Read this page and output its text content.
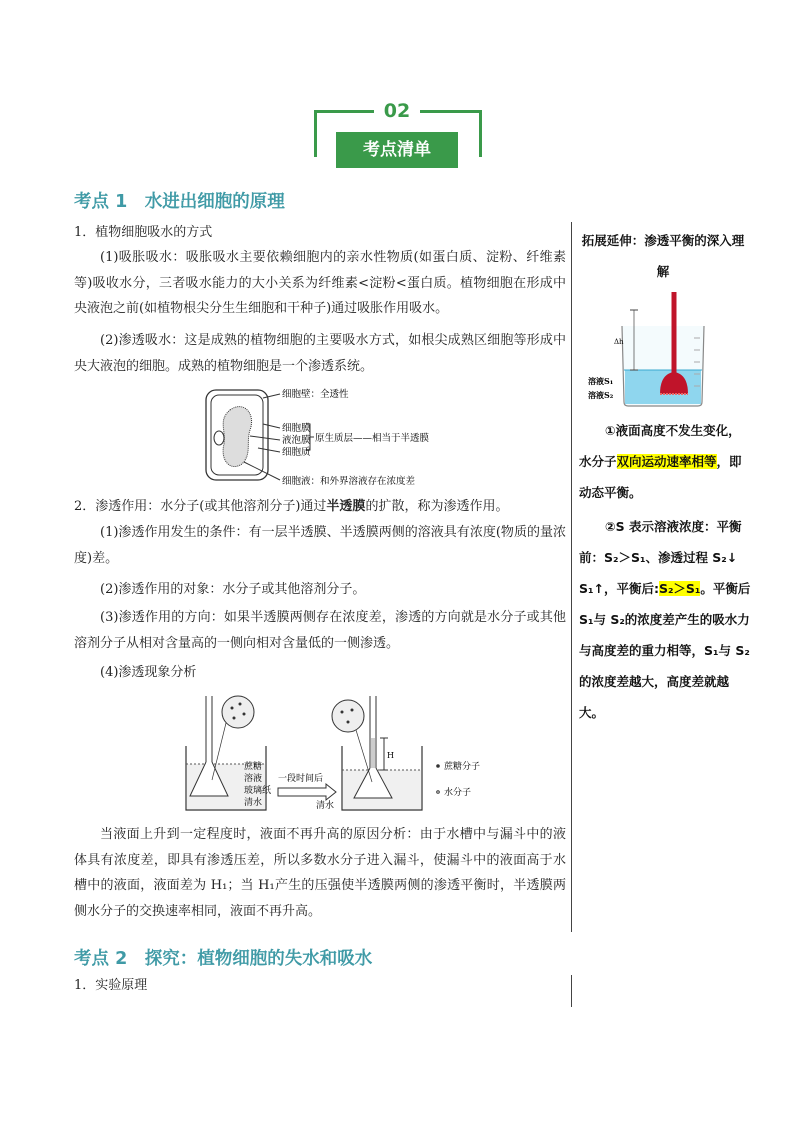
02
考点清单
考点 1　水进出细胞的原理
1．植物细胞吸水的方式
(1)吸胀吸水：吸胀吸水主要依赖细胞内的亲水性物质(如蛋白质、淀粉、纤维素等)吸收水分，三者吸水能力的大小关系为纤维素<淀粉<蛋白质。植物细胞在形成中央液泡之前(如植物根尖分生生细胞和干种子)通过吸胀作用吸水。
(2)渗透吸水：这是成熟的植物细胞的主要吸水方式，如根尖成熟区细胞等形成中央大液泡的细胞。成熟的植物细胞是一个渗透系统。
细胞壁：全透性
细胞膜
液泡膜
细胞质
原生质层——相当于半透膜
细胞液：和外界溶液存在浓度差
2．渗透作用：水分子(或其他溶剂分子)通过半透膜的扩散，称为渗透作用。
(1)渗透作用发生的条件：有一层半透膜、半透膜两侧的溶液具有浓度(物质的量浓度)差。
(2)渗透作用的对象：水分子或其他溶剂分子。
(3)渗透作用的方向：如果半透膜两侧存在浓度差，渗透的方向就是水分子或其他溶剂分子从相对含量高的一侧向相对含量低的一侧渗透。
(4)渗透现象分析
蔗糖
溶液
玻璃纸
清水
一段时间后
清水
H
蔗糖分子
水分子
当液面上升到一定程度时，液面不再升高的原因分析：由于水槽中与漏斗中的液体具有浓度差，即具有渗透压差，所以多数水分子进入漏斗，使漏斗中的液面高于水槽中的液面，液面差为 H₁；当 H₁产生的压强使半透膜两侧的渗透平衡时，半透膜两侧水分子的交换速率相同，液面不再升高。
考点 2　探究：植物细胞的失水和吸水
1．实验原理
拓展延伸：渗透平衡的深入理解
Δh
溶液S₁
溶液S₂
①液面高度不发生变化，水分子双向运动速率相等，即动态平衡。
②S 表示溶液浓度：平衡前：S₂＞S₁、渗透过程 S₂↓　S₁↑，平衡后:S₂＞S₁。平衡后 S₁与 S₂的浓度差产生的吸水力与高度差的重力相等，S₁与 S₂的浓度差越大，高度差就越大。
